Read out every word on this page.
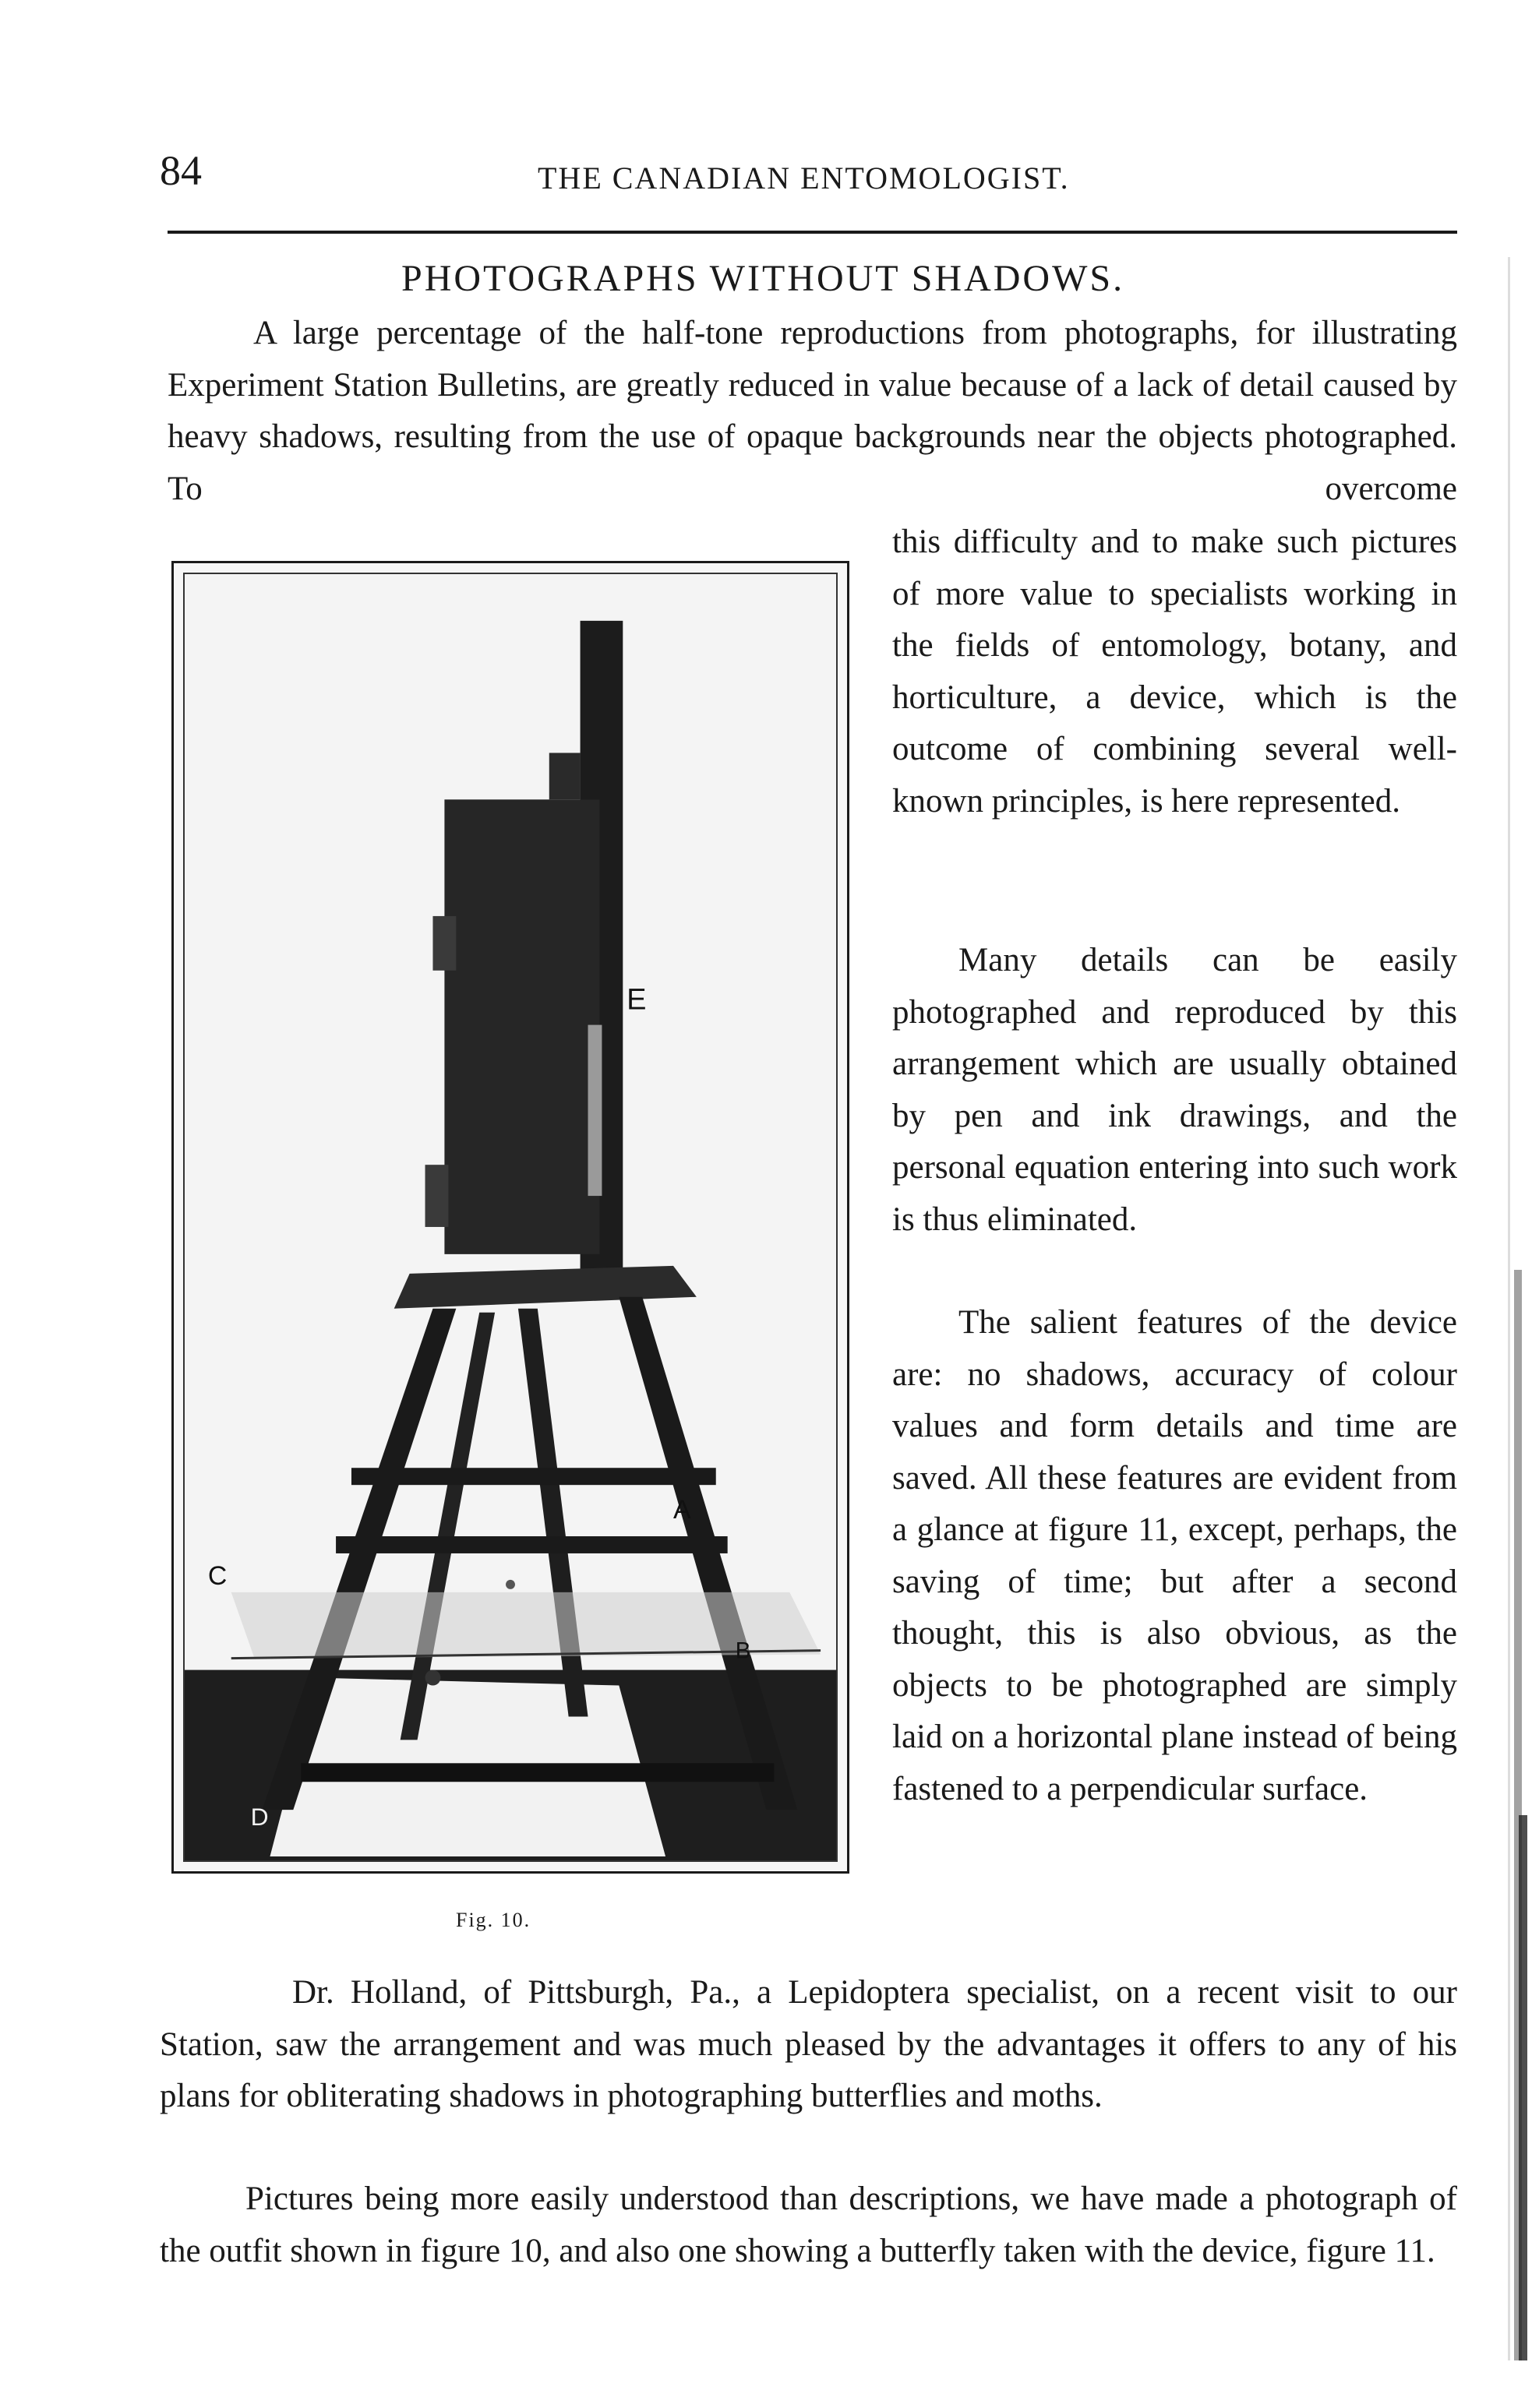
84	THE CANADIAN ENTOMOLOGIST.
PHOTOGRAPHS WITHOUT SHADOWS.

A large percentage of the half-tone reproductions from photographs, for illustrating Experiment Station Bulletins, are greatly reduced in value because of a lack of detail caused by heavy shadows, resulting from the use of opaque backgrounds near the objects photographed. To overcome

E
A
C
B
D
Fig. 10.

this difficulty and to make such pictures of more value to specialists working in the fields of entomology, botany, and horticulture, a device, which is the outcome of combining several well-known principles, is here represented.

Many details can be easily photographed and reproduced by this arrangement which are usually obtained by pen and ink drawings, and the personal equation entering into such work is thus eliminated.

The salient features of the device are: no shadows, accuracy of colour values and form details and time are saved. All these features are evident from a glance at figure 11, except, perhaps, the saving of time; but after a second thought, this is also obvious, as the objects to be photographed are simply laid on a horizontal plane instead of being fastened to a perpendicular surface.

Dr. Holland, of Pittsburgh, Pa., a Lepidoptera specialist, on a recent visit to our Station, saw the arrangement and was much pleased by the advantages it offers to any of his plans for obliterating shadows in photographing butterflies and moths.

Pictures being more easily understood than descriptions, we have made a photograph of the outfit shown in figure 10, and also one showing a butterfly taken with the device, figure 11.
